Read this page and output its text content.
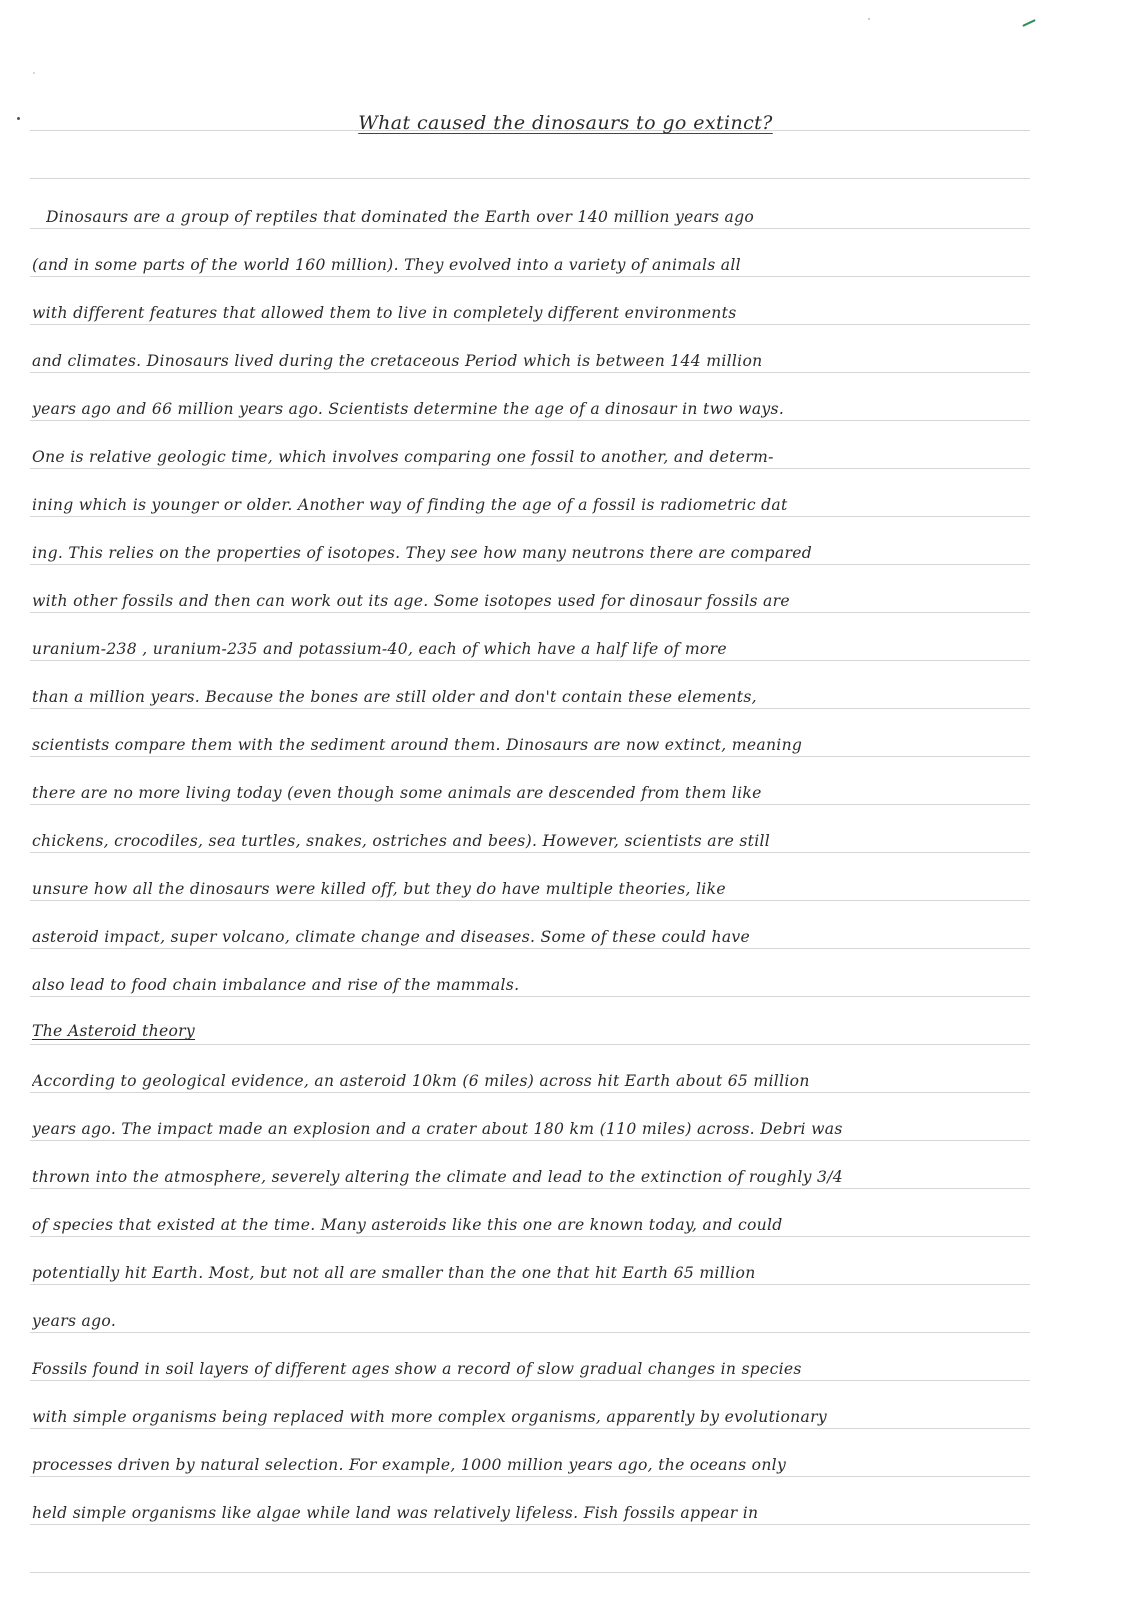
What caused the dinosaurs to go extinct?
Dinosaurs are a group of reptiles that dominated the Earth over 140 million years ago
(and in some parts of the world 160 million). They evolved into a variety of animals all
with different features that allowed them to live in completely different environments
and climates. Dinosaurs lived during the cretaceous Period which is between 144 million
years ago and 66 million years ago. Scientists determine the age of a dinosaur in two ways.
One is relative geologic time, which involves comparing one fossil to another, and determ-
ining which is younger or older. Another way of finding the age of a fossil is radiometric dat
ing. This relies on the properties of isotopes. They see how many neutrons there are compared
with other fossils and then can work out its age. Some isotopes used for dinosaur fossils are
uranium-238 , uranium-235 and potassium-40, each of which have a half life of more
than a million years. Because the bones are still older and don't contain these elements,
scientists compare them with the sediment around them. Dinosaurs are now extinct, meaning
there are no more living today (even though some animals are descended from them like
chickens, crocodiles, sea turtles, snakes, ostriches and bees). However, scientists are still
unsure how all the dinosaurs were killed off, but they do have multiple theories, like
asteroid impact, super volcano, climate change and diseases. Some of these could have
also lead to food chain imbalance and rise of the mammals.
The Asteroid theory
According to geological evidence, an asteroid 10km (6 miles) across hit Earth about 65 million
years ago. The impact made an explosion and a crater about 180 km (110 miles) across. Debri was
thrown into the atmosphere, severely altering the climate and lead to the extinction of roughly 3/4
of species that existed at the time. Many asteroids like this one are known today, and could
potentially hit Earth. Most, but not all are smaller than the one that hit Earth 65 million
years ago.
Fossils found in soil layers of different ages show a record of slow gradual changes in species
with simple organisms being replaced with more complex organisms, apparently by evolutionary
processes driven by natural selection. For example, 1000 million years ago, the oceans only
held simple organisms like algae while land was relatively lifeless. Fish fossils appear in
